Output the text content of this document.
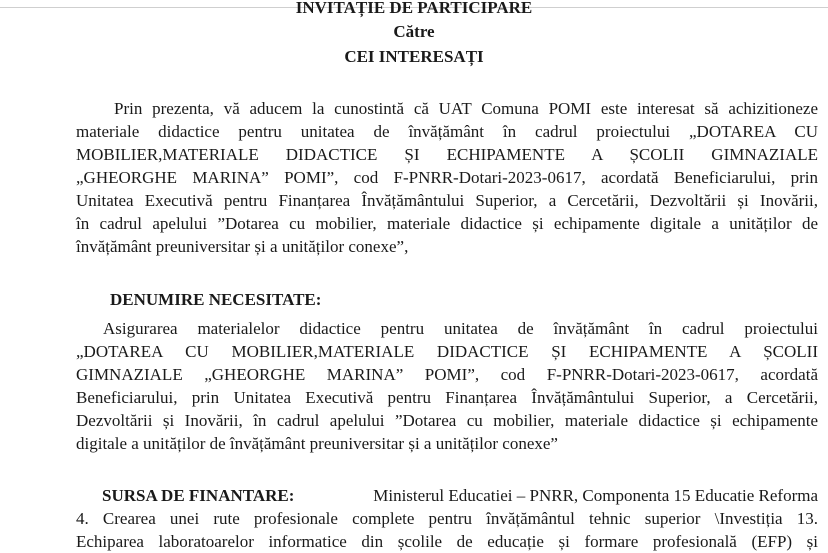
INVITAȚIE DE PARTICIPARE
Către
CEI INTERESAȚI
Prin prezenta, vă aducem la cunostintă că UAT Comuna POMI este interesat să achizitioneze
materiale didactice pentru unitatea de învățământ în cadrul proiectului „DOTAREA CU
MOBILIER,MATERIALE DIDACTICE ȘI ECHIPAMENTE A ȘCOLII GIMNAZIALE
„GHEORGHE MARINA” POMI”, cod F-PNRR-Dotari-2023-0617, acordată Beneficiarului, prin
Unitatea Executivă pentru Finanțarea Învățământului Superior, a Cercetării, Dezvoltării și Inovării,
în cadrul apelului ”Dotarea cu mobilier, materiale didactice și echipamente digitale a unităților de
învățământ preuniversitar și a unităților conexe”,
DENUMIRE NECESITATE:
Asigurarea materialelor didactice pentru unitatea de învățământ în cadrul proiectului
„DOTAREA CU MOBILIER,MATERIALE DIDACTICE ȘI ECHIPAMENTE A ȘCOLII
GIMNAZIALE „GHEORGHE MARINA” POMI”, cod F-PNRR-Dotari-2023-0617, acordată
Beneficiarului, prin Unitatea Executivă pentru Finanțarea Învățământului Superior, a Cercetării,
Dezvoltării și Inovării, în cadrul apelului ”Dotarea cu mobilier, materiale didactice și echipamente
digitale a unităților de învățământ preuniversitar și a unităților conexe”
SURSA DE FINANTARE:	Ministerul Educatiei – PNRR, Componenta 15 Educatie Reforma
4. Crearea unei rute profesionale complete pentru învățământul tehnic superior \Investiția 13.
Echiparea laboratoarelor informatice din școlile de educație și formare profesională (EFP) și
